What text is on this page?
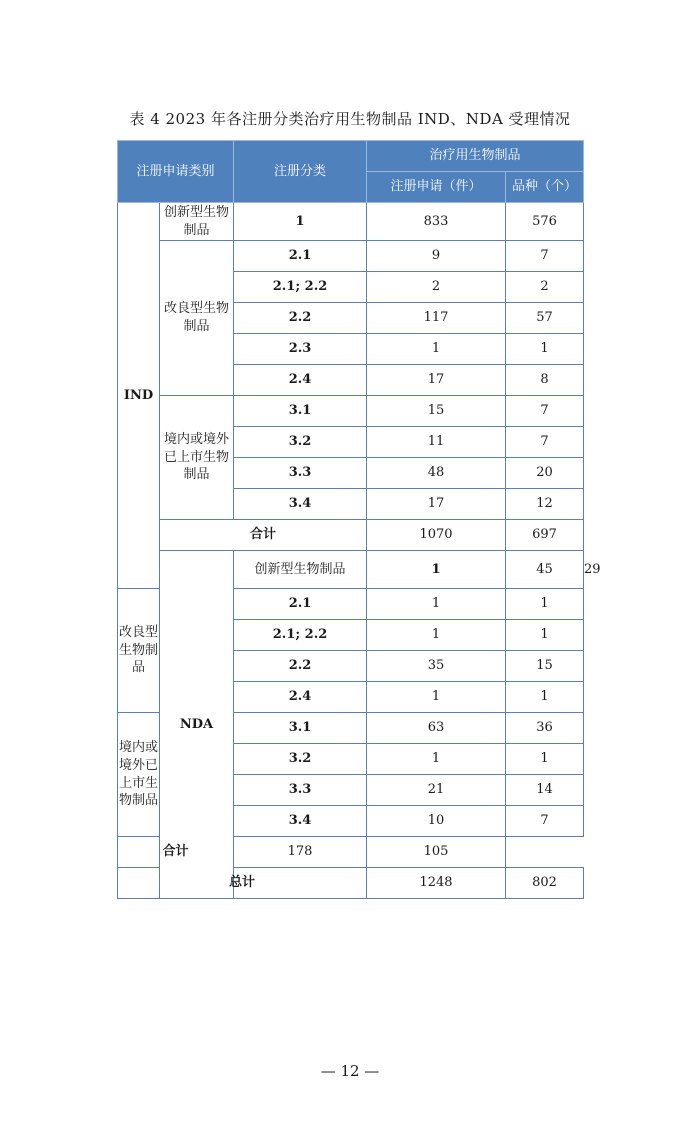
表 4 2023 年各注册分类治疗用生物制品 IND、NDA 受理情况
注册申请类别		注册分类	治疗用生物制品		
			注册申请（件）	品种（个）	
IND	创新型生物制品	1	833	576	
	改良型生物制品	2.1	9	7	
		2.1; 2.2	2	2	
		2.2	117	57	
		2.3	1	1	
		2.4	17	8	
	境内或境外已上市生物制品	3.1	15	7	
		3.2	11	7	
		3.3	48	20	
		3.4	17	12	
	合计		1070	697	
	NDA	创新型生物制品	1	45	29
改良型生物制品		2.1	1	1	
		2.1; 2.2	1	1	
		2.2	35	15	
		2.4	1	1	
境内或境外已上市生物制品		3.1	63	36	
		3.2	1	1	
		3.3	21	14	
		3.4	10	7	
合计		178	105		
总计			1248	802	
— 12 —
